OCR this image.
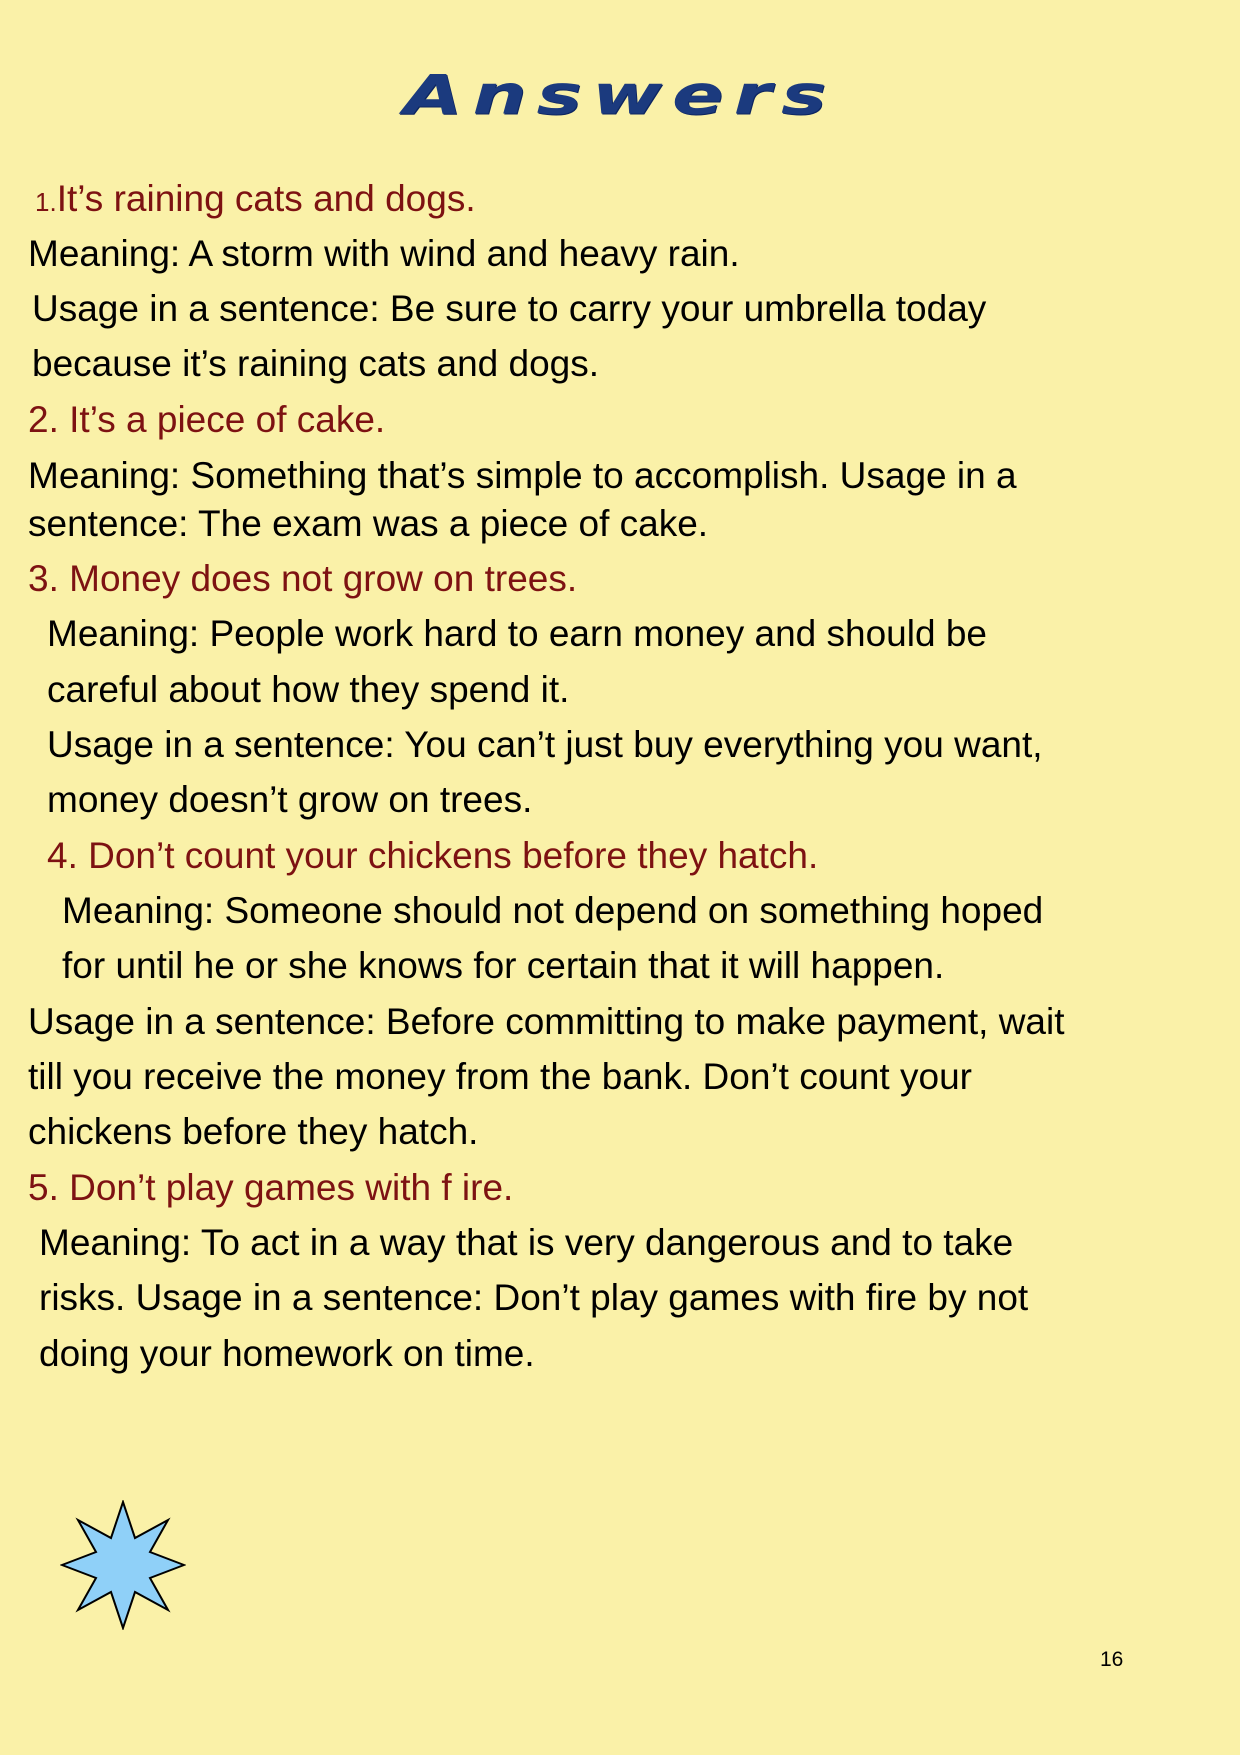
Answers
1.It’s raining cats and dogs.
Meaning: A storm with wind and heavy rain.
Usage in a sentence: Be sure to carry your umbrella today
because it’s raining cats and dogs.
2. It’s a piece of cake.
Meaning: Something that’s simple to accomplish. Usage in a
sentence: The exam was a piece of cake.
3. Money does not grow on trees.
Meaning: People work hard to earn money and should be
careful about how they spend it.
Usage in a sentence: You can’t just buy everything you want,
money doesn’t grow on trees.
4. Don’t count your chickens before they hatch.
Meaning: Someone should not depend on something hoped
for until he or she knows for certain that it will happen.
Usage in a sentence: Before committing to make payment, wait
till you receive the money from the bank. Don’t count your
chickens before they hatch.
5. Don’t play games with f ire.
Meaning: To act in a way that is very dangerous and to take
risks. Usage in a sentence: Don’t play games with fire by not
doing your homework on time.
16
